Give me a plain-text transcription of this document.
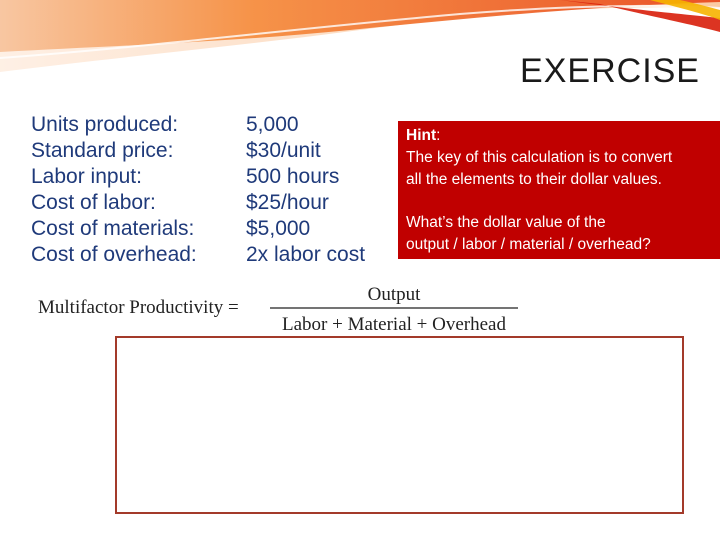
EXERCISE
Units produced:
Standard price:
Labor input:
Cost of labor:
Cost of materials:
Cost of overhead:
5,000
$30/unit
500 hours
$25/hour
$5,000
2x labor cost
Hint:
The key of this calculation is to convert
all the elements to their dollar values.
What’s the dollar value of the
output / labor / material / overhead?
Multifactor Productivity =
Output
Labor + Material + Overhead
